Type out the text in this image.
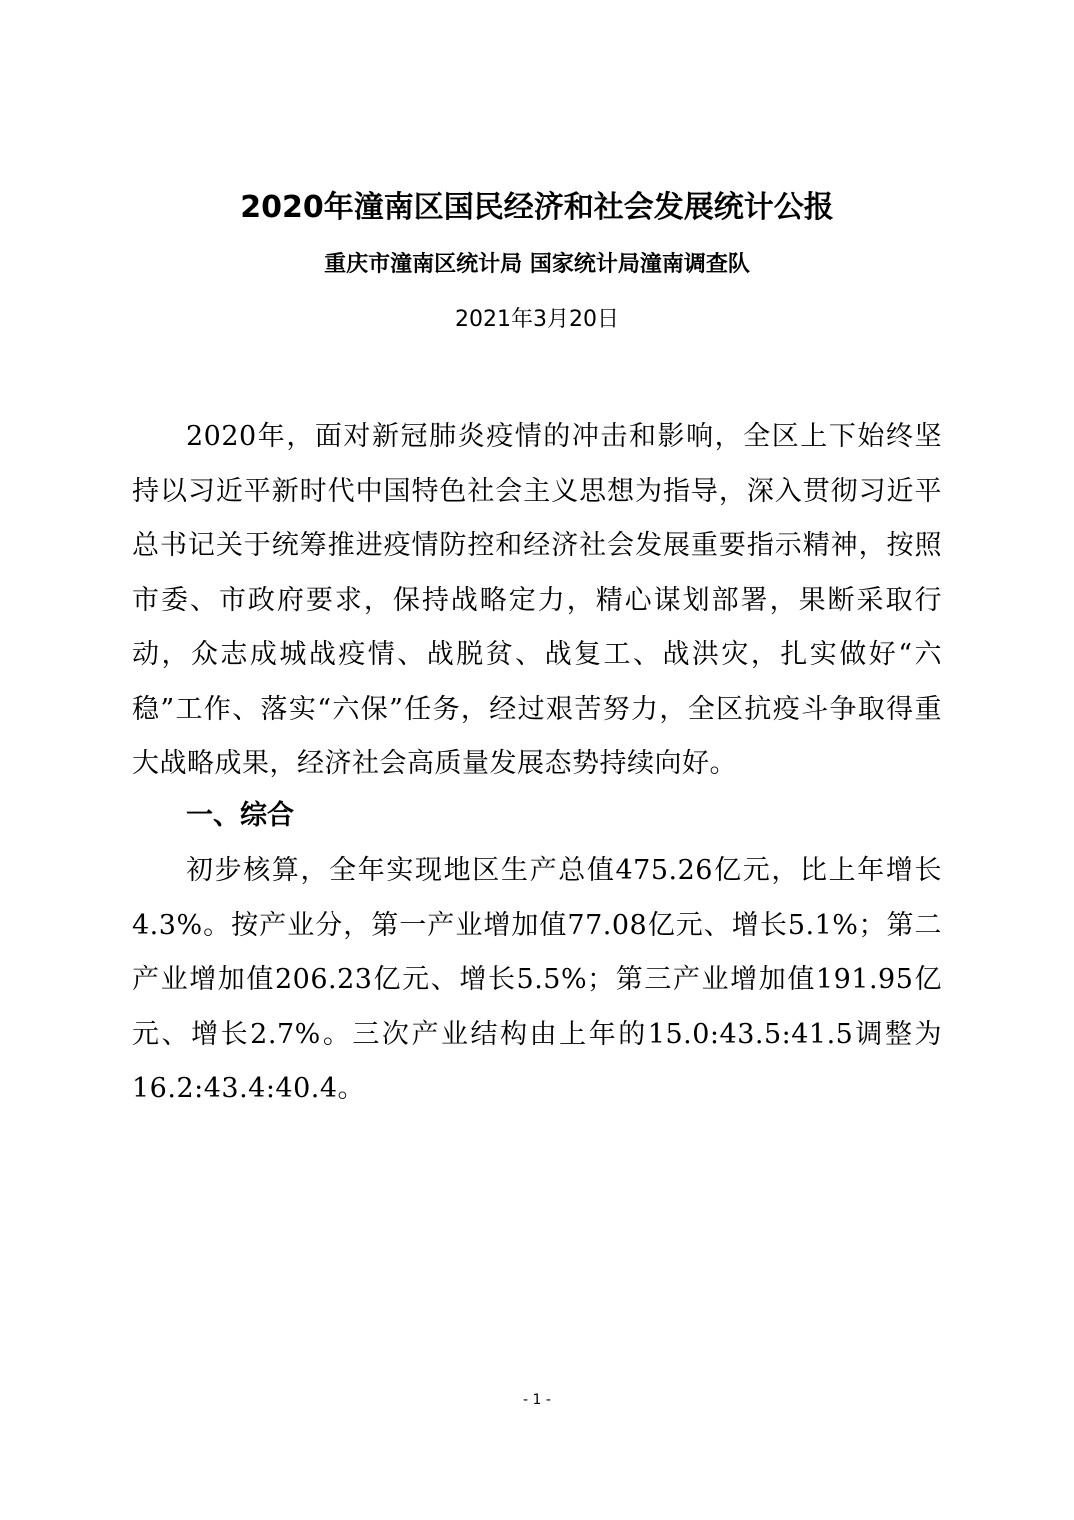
2020年潼南区国民经济和社会发展统计公报
重庆市潼南区统计局 国家统计局潼南调查队
2021年3月20日

2020年，面对新冠肺炎疫情的冲击和影响，全区上下始终坚持以习近平新时代中国特色社会主义思想为指导，深入贯彻习近平总书记关于统筹推进疫情防控和经济社会发展重要指示精神，按照市委、市政府要求，保持战略定力，精心谋划部署，果断采取行动，众志成城战疫情、战脱贫、战复工、战洪灾，扎实做好“六稳”工作、落实“六保”任务，经过艰苦努力，全区抗疫斗争取得重大战略成果，经济社会高质量发展态势持续向好。

一、综合

初步核算，全年实现地区生产总值475.26亿元，比上年增长4.3%。按产业分，第一产业增加值77.08亿元、增长5.1%；第二产业增加值206.23亿元、增长5.5%；第三产业增加值191.95亿元、增长2.7%。三次产业结构由上年的15.0:43.5:41.5调整为16.2:43.4:40.4。

- 1 -
